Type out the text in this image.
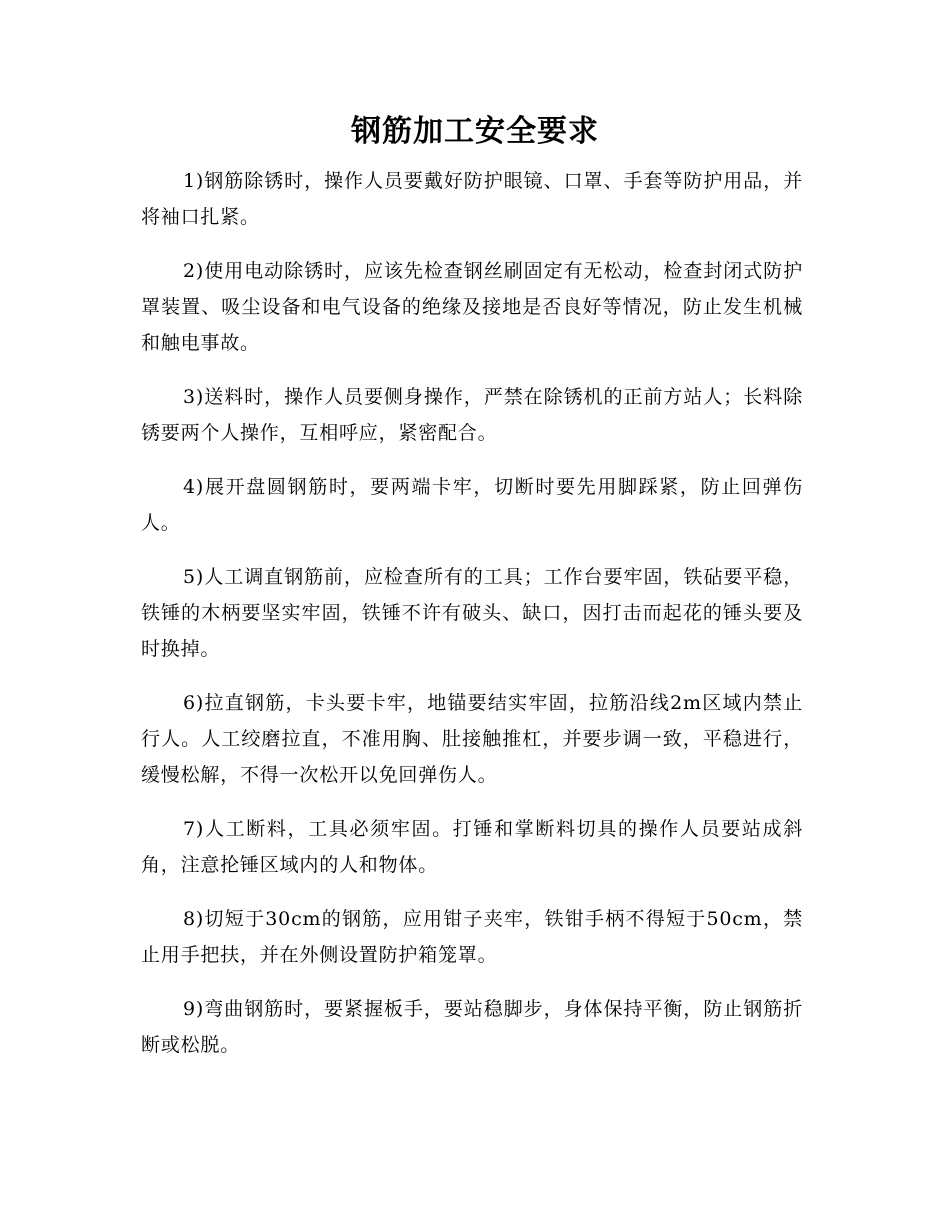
钢筋加工安全要求

1)钢筋除锈时，操作人员要戴好防护眼镜、口罩、手套等防护用品，并将袖口扎紧。

2)使用电动除锈时，应该先检查钢丝刷固定有无松动，检查封闭式防护罩装置、吸尘设备和电气设备的绝缘及接地是否良好等情况，防止发生机械和触电事故。

3)送料时，操作人员要侧身操作，严禁在除锈机的正前方站人；长料除锈要两个人操作，互相呼应，紧密配合。

4)展开盘圆钢筋时，要两端卡牢，切断时要先用脚踩紧，防止回弹伤人。

5)人工调直钢筋前，应检查所有的工具；工作台要牢固，铁砧要平稳，铁锤的木柄要坚实牢固，铁锤不许有破头、缺口，因打击而起花的锤头要及时换掉。

6)拉直钢筋，卡头要卡牢，地锚要结实牢固，拉筋沿线2m区域内禁止行人。人工绞磨拉直，不准用胸、肚接触推杠，并要步调一致，平稳进行，缓慢松解，不得一次松开以免回弹伤人。

7)人工断料，工具必须牢固。打锤和掌断料切具的操作人员要站成斜角，注意抡锤区域内的人和物体。

8)切短于30cm的钢筋，应用钳子夹牢，铁钳手柄不得短于50cm，禁止用手把扶，并在外侧设置防护箱笼罩。

9)弯曲钢筋时，要紧握板手，要站稳脚步，身体保持平衡，防止钢筋折断或松脱。
